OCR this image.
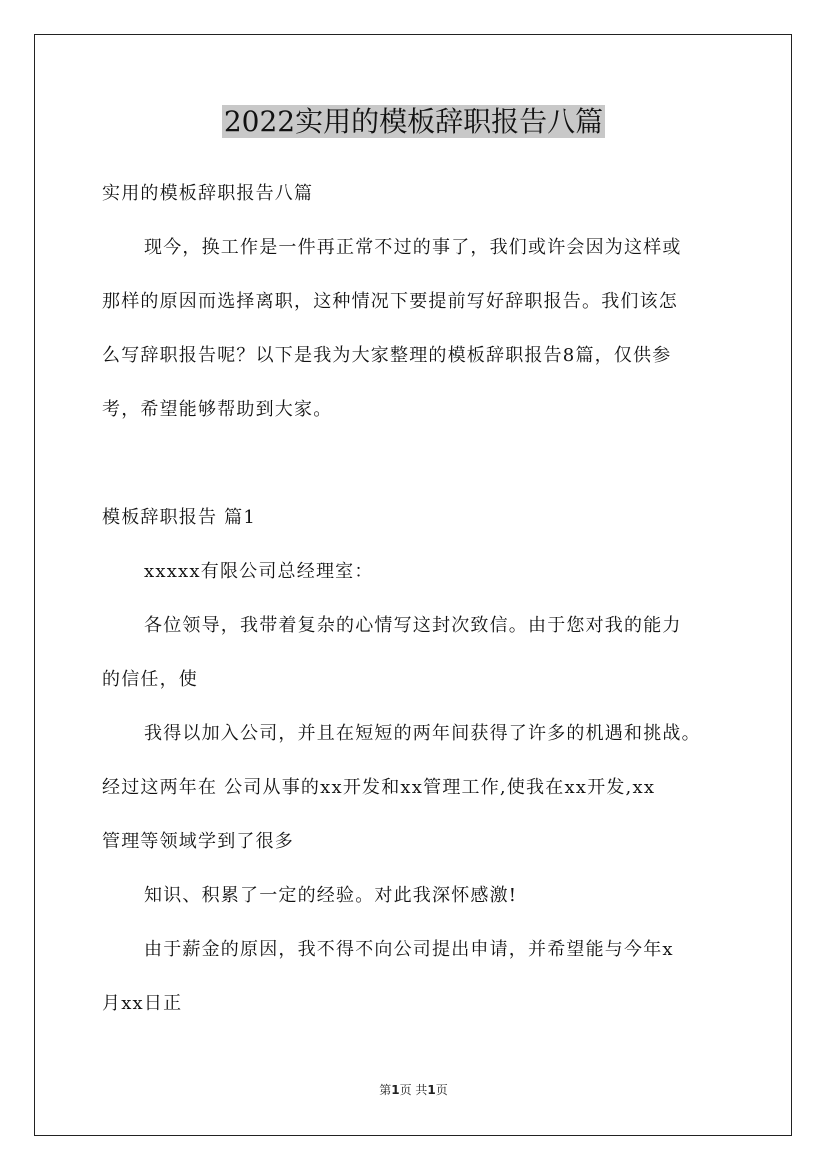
2022实用的模板辞职报告八篇
实用的模板辞职报告八篇
现今，换工作是一件再正常不过的事了，我们或许会因为这样或
那样的原因而选择离职，这种情况下要提前写好辞职报告。我们该怎
么写辞职报告呢？以下是我为大家整理的模板辞职报告8篇，仅供参
考，希望能够帮助到大家。
模板辞职报告 篇1
xxxxx有限公司总经理室：
各位领导，我带着复杂的心情写这封次致信。由于您对我的能力
的信任，使
我得以加入公司，并且在短短的两年间获得了许多的机遇和挑战。
经过这两年在 公司从事的xx开发和xx管理工作,使我在xx开发,xx
管理等领域学到了很多
知识、积累了一定的经验。对此我深怀感激!
由于薪金的原因，我不得不向公司提出申请，并希望能与今年x
月xx日正
第1页 共1页
